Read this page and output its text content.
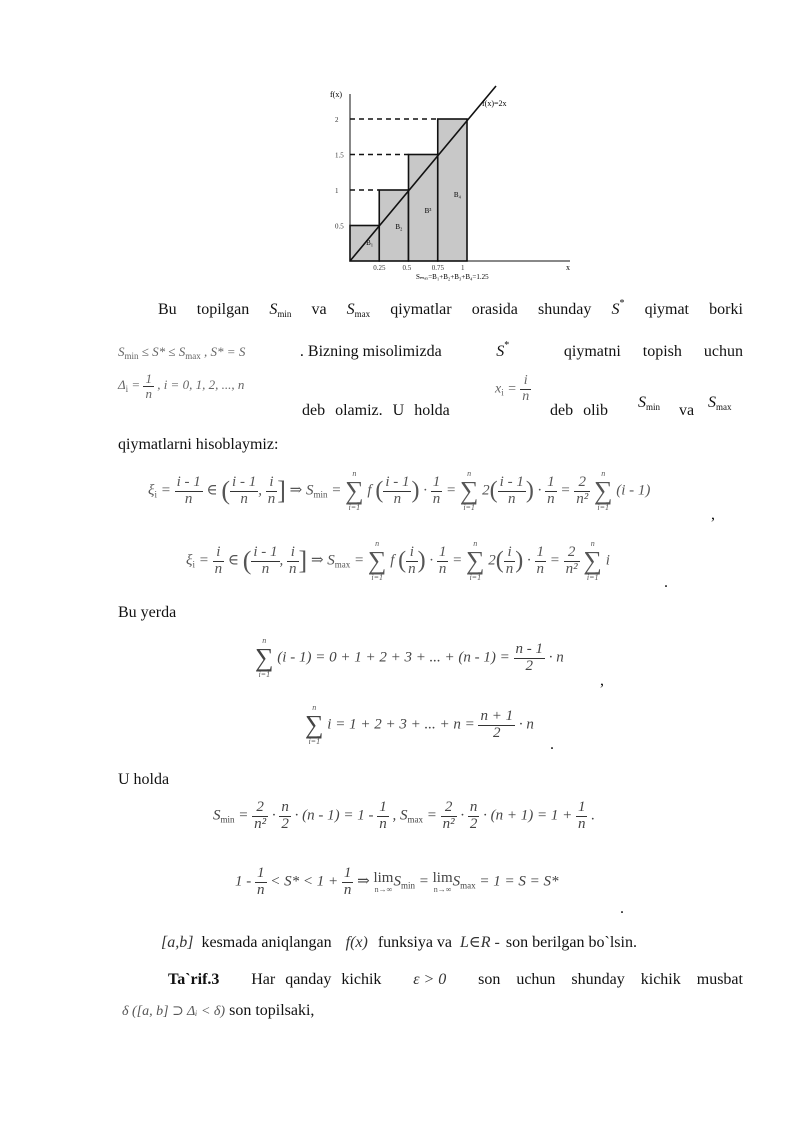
B₁
B₂
B³
B₄
0.25 0.5	0.75 1
2
1.5
1
0.5
f(x)
x
f(x)=2x
Sₘₐₓ=B₁+B₂+B₃+B₄=1.25
Bu topilgan $S_{min}$ va $S_{max}$ qiymatlar orasida shunday S* qiymat borki
$S_{min} \le S* \le S_{max}$ , S* = S	. Bizning misolimizda	S*	qiymatni topish uchun
$\Delta_i = \frac{1}{n}$ , i = 0, 1, 2, ..., n
deb olamiz. U holda
$x_i = \frac{i}{n}$
deb olib $S_{min}$ va $S_{max}$
qiymatlarni hisoblaymiz:
$\xi_i = \frac{i - 1}{n}$ ∈ ( $\frac{i - 1}{n}$ , $\frac{i}{n}$ ] ⇒ $S_{min}$ =
n
∑
i=1
f ( $\frac{i - 1}{n}$ ) · $\frac{1}{n}$ =
n
∑
i=1
$2( \frac{i - 1}{n}$ ) · $\frac{1}{n} = \frac{2}{\text{n²}}$

n
∑
i=1
(i - 1)
,
$\xi_i = \frac{i}{n}$ ∈ ( $\frac{i - 1}{n}$ , $\frac{i}{n}$ ] ⇒ $S_{max}$ =
n
∑
i=1
f ( $\frac{i}{n}$ ) · $\frac{1}{n}$ =
n
∑
i=1
$2( \frac{i}{n}$ ) · $\frac{1}{n} = \frac{2}{\text{n²}}$

n
∑
i=1
i
.
Bu yerda
n
∑
i=1
(i - 1) = 0 + 1 + 2 + 3 + ... + $(n - 1) = \frac{n - 1}{2} \cdot n$
,
n
∑
i=1
i = 1 + 2 + 3 + ... + $n = \frac{n + 1}{2} \cdot n$
.
U holda
$S_{min} = \frac{2}{\text{n²}} \cdot \frac{n}{2} \cdot (n - 1) = 1 - \frac{1}{n}$ , $S_{max} = \frac{2}{\text{n²}} \cdot \frac{n}{2} \cdot (n + 1) = 1 + \frac{1}{n}$ .
$1 - \frac{1}{n} < S* < 1 + \frac{1}{n}$ ⇒ lim
n→∞ $S_{min} = \lim$
n→∞ $S_{max} = 1 = S = S*$
.
[a,b] kesmada aniqlangan f(x) funksiya va L∈R - son berilgan bo`lsin.
Ta`rif.3 Har qanday kichik ε > 0 son uchun shunday kichik musbat
δ ([a, b] ⊃ Δᵢ < δ) son topilsaki,
